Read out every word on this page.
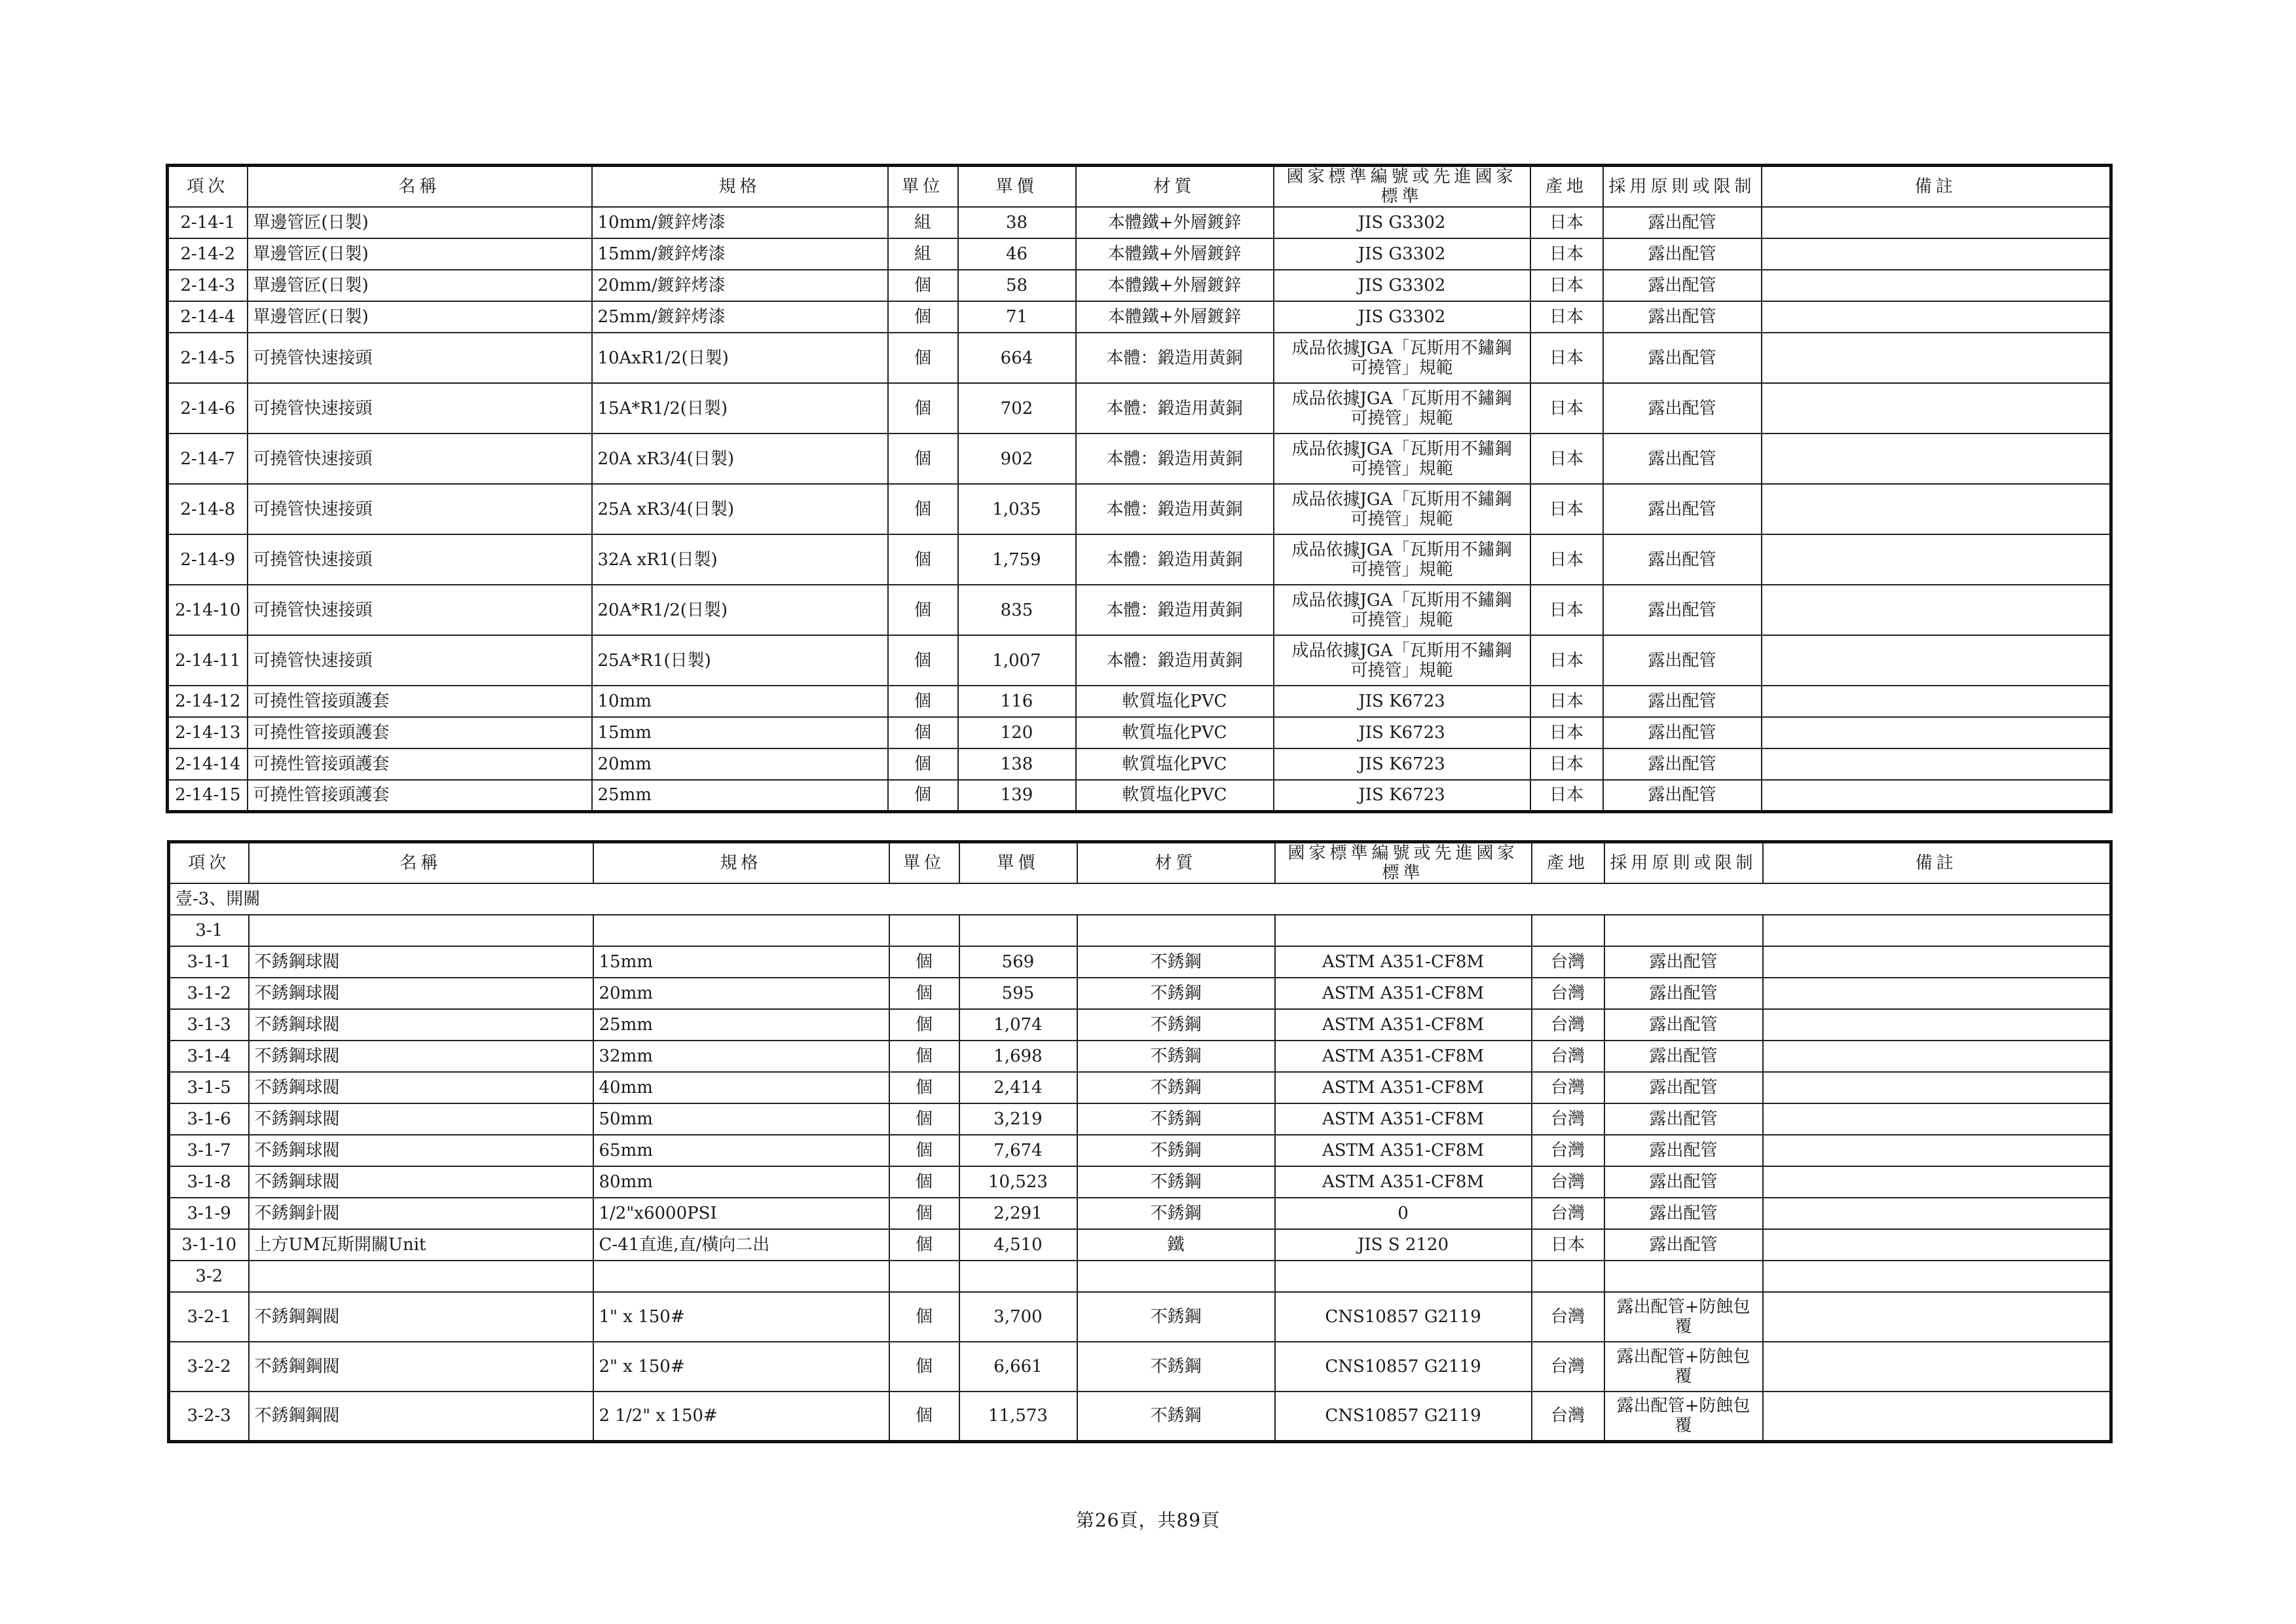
項次	名稱	規格	單位	單價	材質	國家標準編號或先進國家標準	產地	採用原則或限制	備註
2-14-1	單邊管匠(日製)	10mm/鍍鋅烤漆	組	38	本體鐵+外層鍍鋅	JIS G3302	日本	露出配管	
2-14-2	單邊管匠(日製)	15mm/鍍鋅烤漆	組	46	本體鐵+外層鍍鋅	JIS G3302	日本	露出配管	
2-14-3	單邊管匠(日製)	20mm/鍍鋅烤漆	個	58	本體鐵+外層鍍鋅	JIS G3302	日本	露出配管	
2-14-4	單邊管匠(日製)	25mm/鍍鋅烤漆	個	71	本體鐵+外層鍍鋅	JIS G3302	日本	露出配管	
2-14-5	可撓管快速接頭	10AxR1/2(日製)	個	664	本體：鍛造用黃銅	成品依據JGA「瓦斯用不鏽鋼
可撓管」規範	日本	露出配管	
2-14-6	可撓管快速接頭	15A*R1/2(日製)	個	702	本體：鍛造用黃銅	成品依據JGA「瓦斯用不鏽鋼
可撓管」規範	日本	露出配管	
2-14-7	可撓管快速接頭	20A xR3/4(日製)	個	902	本體：鍛造用黃銅	成品依據JGA「瓦斯用不鏽鋼
可撓管」規範	日本	露出配管	
2-14-8	可撓管快速接頭	25A xR3/4(日製)	個	1,035	本體：鍛造用黃銅	成品依據JGA「瓦斯用不鏽鋼
可撓管」規範	日本	露出配管	
2-14-9	可撓管快速接頭	32A xR1(日製)	個	1,759	本體：鍛造用黃銅	成品依據JGA「瓦斯用不鏽鋼
可撓管」規範	日本	露出配管	
2-14-10	可撓管快速接頭	20A*R1/2(日製)	個	835	本體：鍛造用黃銅	成品依據JGA「瓦斯用不鏽鋼
可撓管」規範	日本	露出配管	
2-14-11	可撓管快速接頭	25A*R1(日製)	個	1,007	本體：鍛造用黃銅	成品依據JGA「瓦斯用不鏽鋼
可撓管」規範	日本	露出配管	
2-14-12	可撓性管接頭護套	10mm	個	116	軟質塩化PVC	JIS K6723	日本	露出配管	
2-14-13	可撓性管接頭護套	15mm	個	120	軟質塩化PVC	JIS K6723	日本	露出配管	
2-14-14	可撓性管接頭護套	20mm	個	138	軟質塩化PVC	JIS K6723	日本	露出配管	
2-14-15	可撓性管接頭護套	25mm	個	139	軟質塩化PVC	JIS K6723	日本	露出配管	
項次	名稱	規格	單位	單價	材質	國家標準編號或先進國家標準	產地	採用原則或限制	備註
壹-3、開關									
3-1									
3-1-1	不銹鋼球閥	15mm	個	569	不銹鋼	ASTM A351-CF8M	台灣	露出配管	
3-1-2	不銹鋼球閥	20mm	個	595	不銹鋼	ASTM A351-CF8M	台灣	露出配管	
3-1-3	不銹鋼球閥	25mm	個	1,074	不銹鋼	ASTM A351-CF8M	台灣	露出配管	
3-1-4	不銹鋼球閥	32mm	個	1,698	不銹鋼	ASTM A351-CF8M	台灣	露出配管	
3-1-5	不銹鋼球閥	40mm	個	2,414	不銹鋼	ASTM A351-CF8M	台灣	露出配管	
3-1-6	不銹鋼球閥	50mm	個	3,219	不銹鋼	ASTM A351-CF8M	台灣	露出配管	
3-1-7	不銹鋼球閥	65mm	個	7,674	不銹鋼	ASTM A351-CF8M	台灣	露出配管	
3-1-8	不銹鋼球閥	80mm	個	10,523	不銹鋼	ASTM A351-CF8M	台灣	露出配管	
3-1-9	不銹鋼針閥	1/2"x6000PSI	個	2,291	不銹鋼	0	台灣	露出配管	
3-1-10	上方UM瓦斯開關Unit	C-41直進,直/橫向二出	個	4,510	鐵	JIS S 2120	日本	露出配管	
3-2									
3-2-1	不銹鋼鋼閥	1" x 150#	個	3,700	不銹鋼	CNS10857 G2119	台灣	露出配管+防蝕包
覆	
3-2-2	不銹鋼鋼閥	2" x 150#	個	6,661	不銹鋼	CNS10857 G2119	台灣	露出配管+防蝕包
覆	
3-2-3	不銹鋼鋼閥	2 1/2" x 150#	個	11,573	不銹鋼	CNS10857 G2119	台灣	露出配管+防蝕包
覆	
第26頁，共89頁
